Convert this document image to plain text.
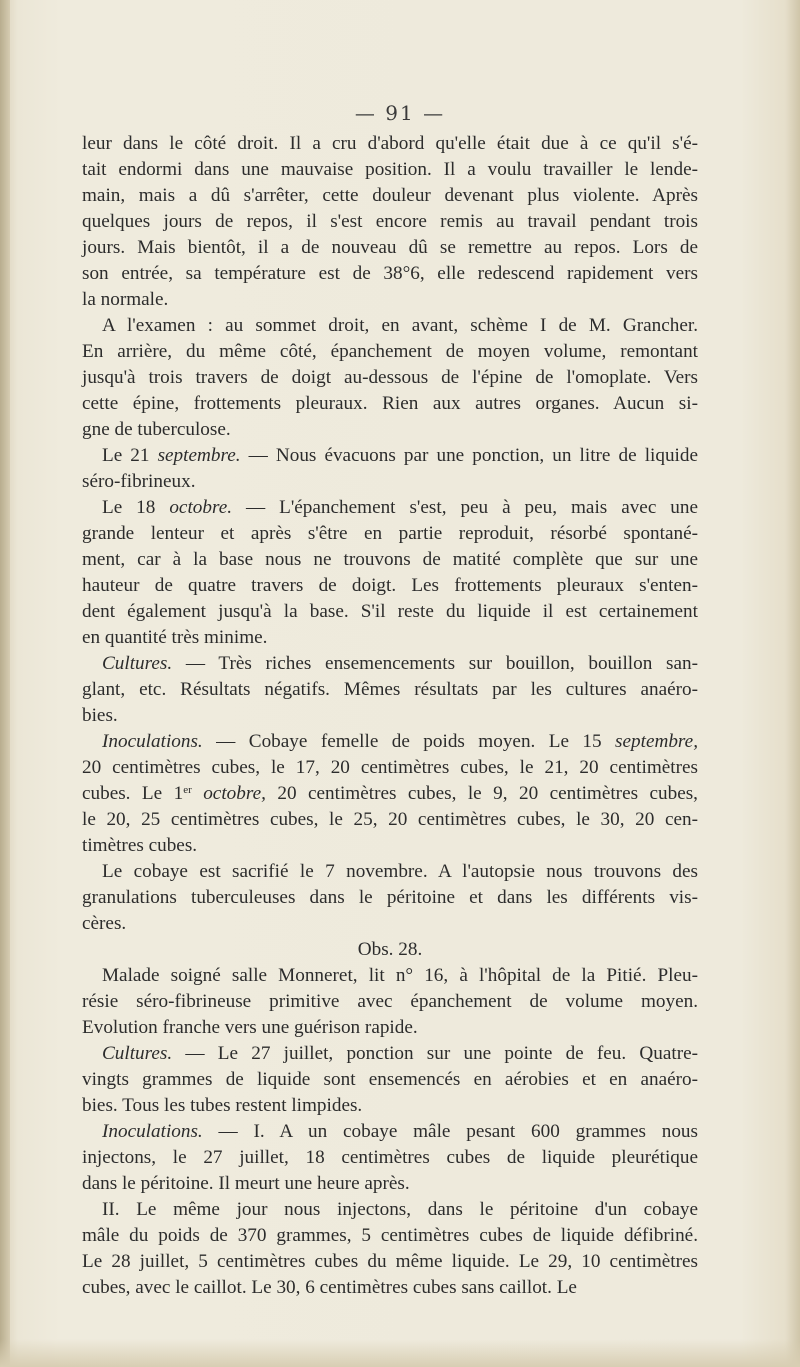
— 91 —
leur dans le côté droit. Il a cru d'abord qu'elle était due à ce qu'il s'é-
tait endormi dans une mauvaise position. Il a voulu travailler le lende-
main, mais a dû s'arrêter, cette douleur devenant plus violente. Après
quelques jours de repos, il s'est encore remis au travail pendant trois
jours. Mais bientôt, il a de nouveau dû se remettre au repos. Lors de
son entrée, sa température est de 38°6, elle redescend rapidement vers
la normale.
A l'examen : au sommet droit, en avant, schème I de M. Grancher.
En arrière, du même côté, épanchement de moyen volume, remontant
jusqu'à trois travers de doigt au-dessous de l'épine de l'omoplate. Vers
cette épine, frottements pleuraux. Rien aux autres organes. Aucun si-
gne de tuberculose.
Le 21 septembre. — Nous évacuons par une ponction, un litre de liquide
séro-fibrineux.
Le 18 octobre. — L'épanchement s'est, peu à peu, mais avec une
grande lenteur et après s'être en partie reproduit, résorbé spontané-
ment, car à la base nous ne trouvons de matité complète que sur une
hauteur de quatre travers de doigt. Les frottements pleuraux s'enten-
dent également jusqu'à la base. S'il reste du liquide il est certainement
en quantité très minime.
Cultures. — Très riches ensemencements sur bouillon, bouillon san-
glant, etc. Résultats négatifs. Mêmes résultats par les cultures anaéro-
bies.
Inoculations. — Cobaye femelle de poids moyen. Le 15 septembre,
20 centimètres cubes, le 17, 20 centimètres cubes, le 21, 20 centimètres
cubes. Le 1er octobre, 20 centimètres cubes, le 9, 20 centimètres cubes,
le 20, 25 centimètres cubes, le 25, 20 centimètres cubes, le 30, 20 cen-
timètres cubes.
Le cobaye est sacrifié le 7 novembre. A l'autopsie nous trouvons des
granulations tuberculeuses dans le péritoine et dans les différents vis-
cères.
Obs. 28.
Malade soigné salle Monneret, lit n° 16, à l'hôpital de la Pitié. Pleu-
résie séro-fibrineuse primitive avec épanchement de volume moyen.
Evolution franche vers une guérison rapide.
Cultures. — Le 27 juillet, ponction sur une pointe de feu. Quatre-
vingts grammes de liquide sont ensemencés en aérobies et en anaéro-
bies. Tous les tubes restent limpides.
Inoculations. — I. A un cobaye mâle pesant 600 grammes nous
injectons, le 27 juillet, 18 centimètres cubes de liquide pleurétique
dans le péritoine. Il meurt une heure après.
II. Le même jour nous injectons, dans le péritoine d'un cobaye
mâle du poids de 370 grammes, 5 centimètres cubes de liquide défibriné.
Le 28 juillet, 5 centimètres cubes du même liquide. Le 29, 10 centimètres
cubes, avec le caillot. Le 30, 6 centimètres cubes sans caillot. Le
